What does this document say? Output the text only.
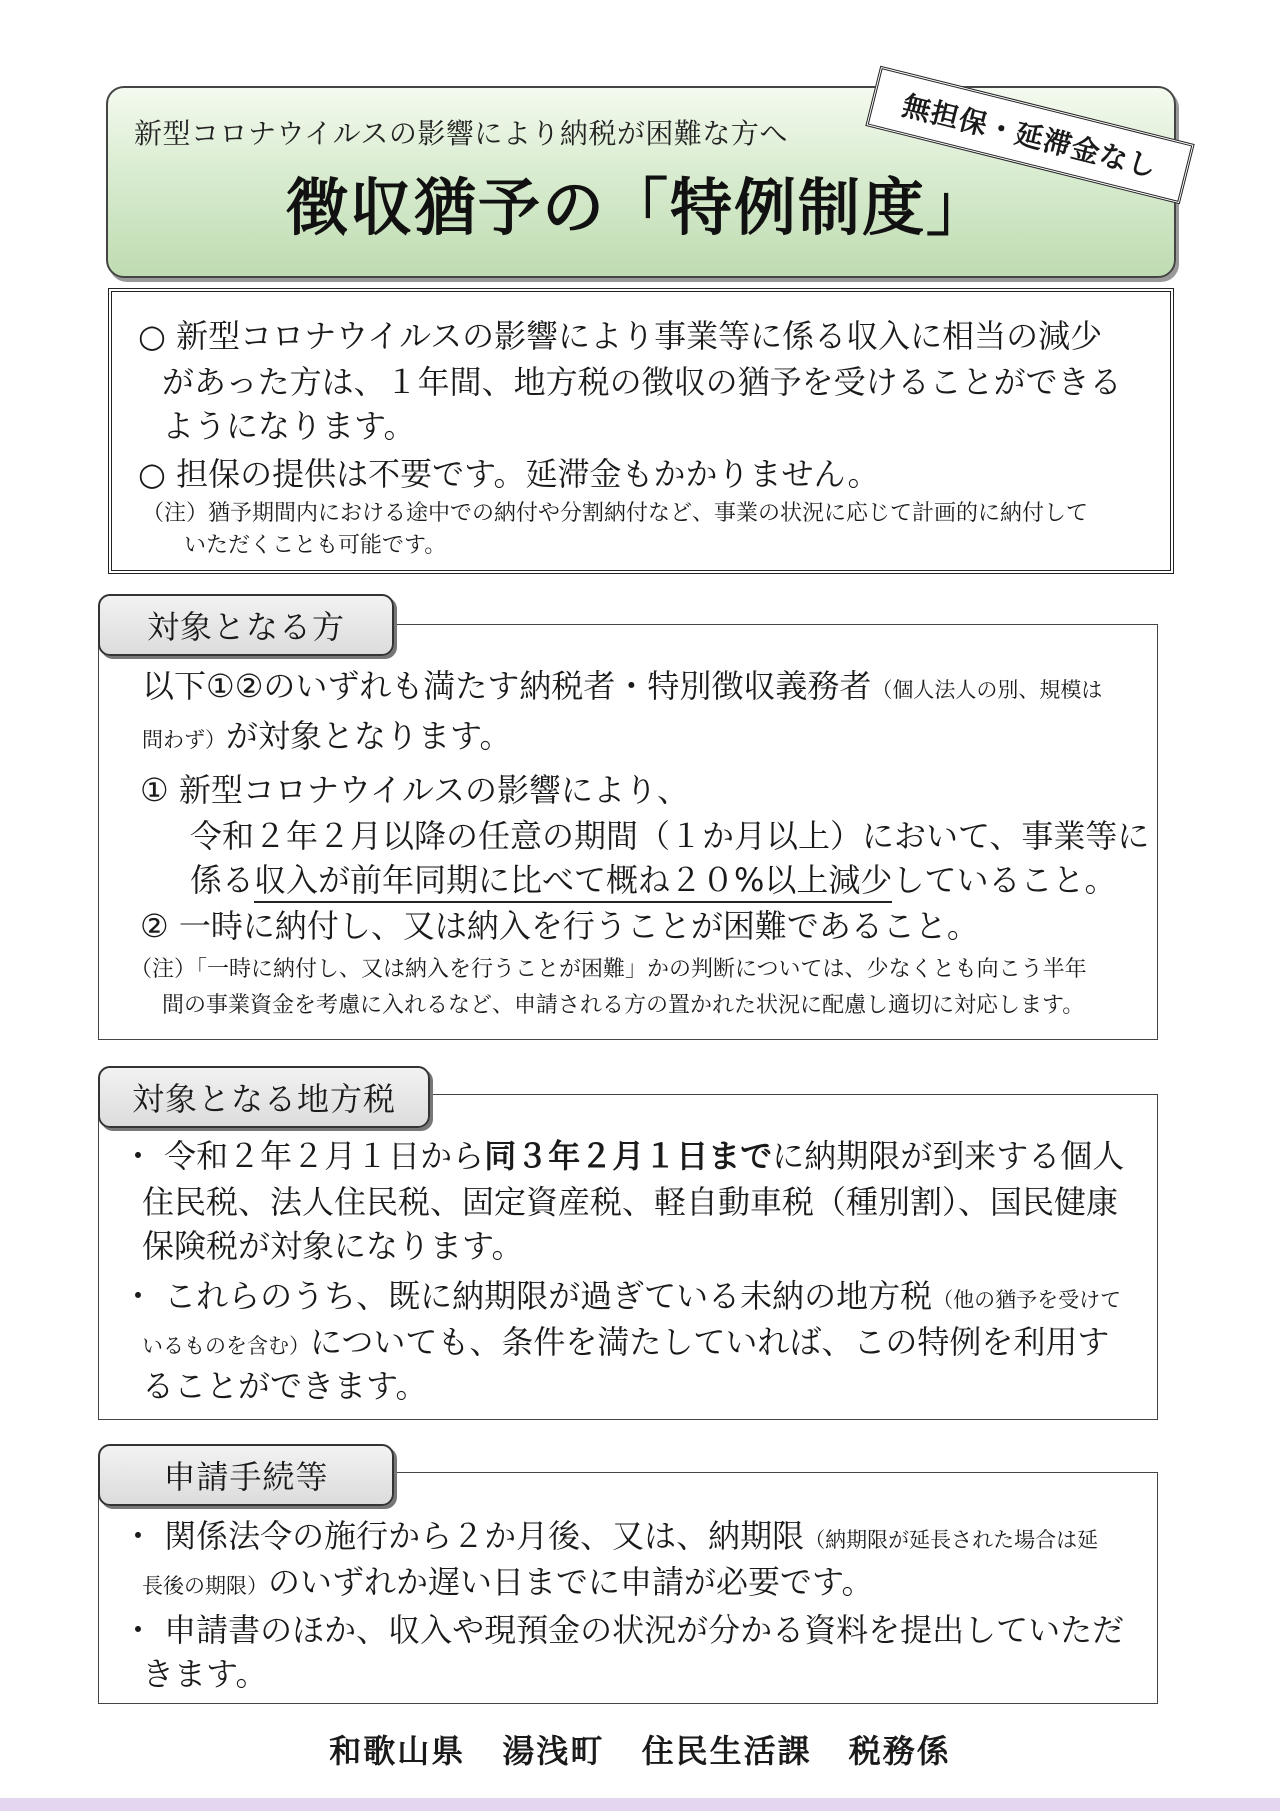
新型コロナウイルスの影響により納税が困難な方へ
徴収猶予の「特例制度」
無担保・延滞金なし

○ 新型コロナウイルスの影響により事業等に係る収入に相当の減少

があった方は、１年間、地方税の徴収の猶予を受けることができる

ようになります。

○ 担保の提供は不要です。延滞金もかかりません。

（注）猶予期間内における途中での納付や分割納付など、事業の状況に応じて計画的に納付して

いただくことも可能です。

対象となる方

以下①②のいずれも満たす納税者・特別徴収義務者（個人法人の別、規模は

問わず）が対象となります。

① 新型コロナウイルスの影響により、

令和２年２月以降の任意の期間（１か月以上）において、事業等に

係る収入が前年同期に比べて概ね２０%以上減少していること。

② 一時に納付し、又は納入を行うことが困難であること。

（注）「一時に納付し、又は納入を行うことが困難」かの判断については、少なくとも向こう半年

間の事業資金を考慮に入れるなど、申請される方の置かれた状況に配慮し適切に対応します。

対象となる地方税

・ 令和２年２月１日から同３年２月１日までに納期限が到来する個人

住民税、法人住民税、固定資産税、軽自動車税（種別割）、国民健康

保険税が対象になります。

・ これらのうち、既に納期限が過ぎている未納の地方税（他の猶予を受けて

いるものを含む）についても、条件を満たしていれば、この特例を利用す

ることができます。

申請手続等

・ 関係法令の施行から２か月後、又は、納期限（納期限が延長された場合は延

長後の期限）のいずれか遅い日までに申請が必要です。

・ 申請書のほか、収入や現預金の状況が分かる資料を提出していただ

きます。

和歌山県 湯浅町 住民生活課 税務係
